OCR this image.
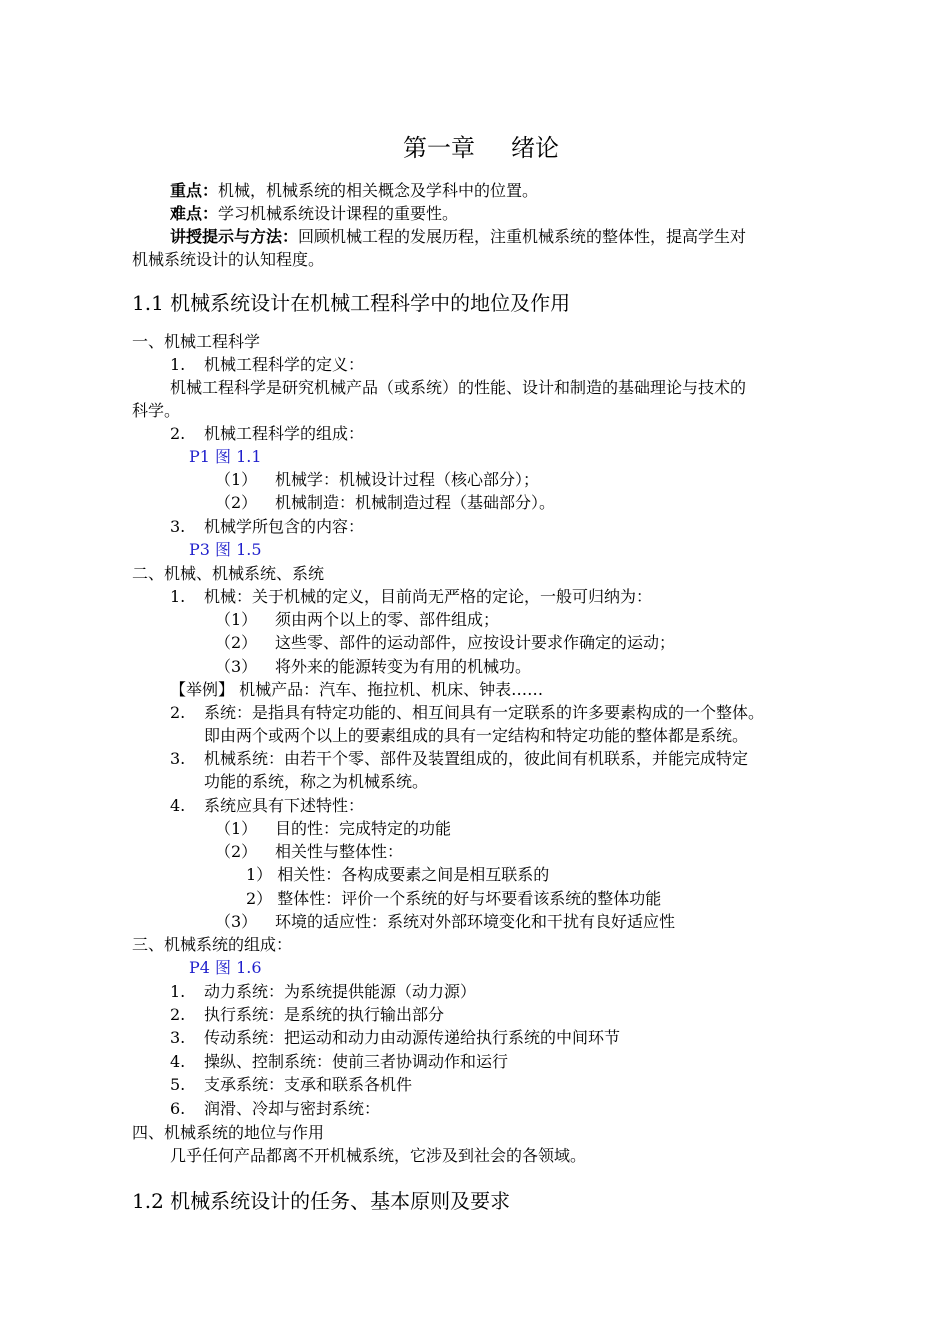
第一章 绪论
重点：机械，机械系统的相关概念及学科中的位置。
难点：学习机械系统设计课程的重要性。
讲授提示与方法：回顾机械工程的发展历程，注重机械系统的整体性，提高学生对
机械系统设计的认知程度。
1.1 机械系统设计在机械工程科学中的地位及作用
一、机械工程科学
1. 机械工程科学的定义：
机械工程科学是研究机械产品（或系统）的性能、设计和制造的基础理论与技术的
科学。
2. 机械工程科学的组成：
P1 图 1.1
（1） 机械学：机械设计过程（核心部分）；
（2） 机械制造：机械制造过程（基础部分）。
3. 机械学所包含的内容：
P3 图 1.5
二、机械、机械系统、系统
1. 机械：关于机械的定义，目前尚无严格的定论，一般可归纳为：
（1） 须由两个以上的零、部件组成；
（2） 这些零、部件的运动部件，应按设计要求作确定的运动；
（3） 将外来的能源转变为有用的机械功。
【举例】 机械产品：汽车、拖拉机、机床、钟表……
2. 系统：是指具有特定功能的、相互间具有一定联系的许多要素构成的一个整体。
即由两个或两个以上的要素组成的具有一定结构和特定功能的整体都是系统。
3. 机械系统：由若干个零、部件及装置组成的，彼此间有机联系，并能完成特定
功能的系统，称之为机械系统。
4. 系统应具有下述特性：
（1） 目的性：完成特定的功能
（2） 相关性与整体性：
1） 相关性：各构成要素之间是相互联系的
2） 整体性：评价一个系统的好与坏要看该系统的整体功能
（3） 环境的适应性：系统对外部环境变化和干扰有良好适应性
三、机械系统的组成：
P4 图 1.6
1. 动力系统：为系统提供能源（动力源）
2. 执行系统：是系统的执行输出部分
3. 传动系统：把运动和动力由动源传递给执行系统的中间环节
4. 操纵、控制系统：使前三者协调动作和运行
5. 支承系统：支承和联系各机件
6. 润滑、冷却与密封系统：
四、机械系统的地位与作用
几乎任何产品都离不开机械系统，它涉及到社会的各领域。
1.2 机械系统设计的任务、基本原则及要求
